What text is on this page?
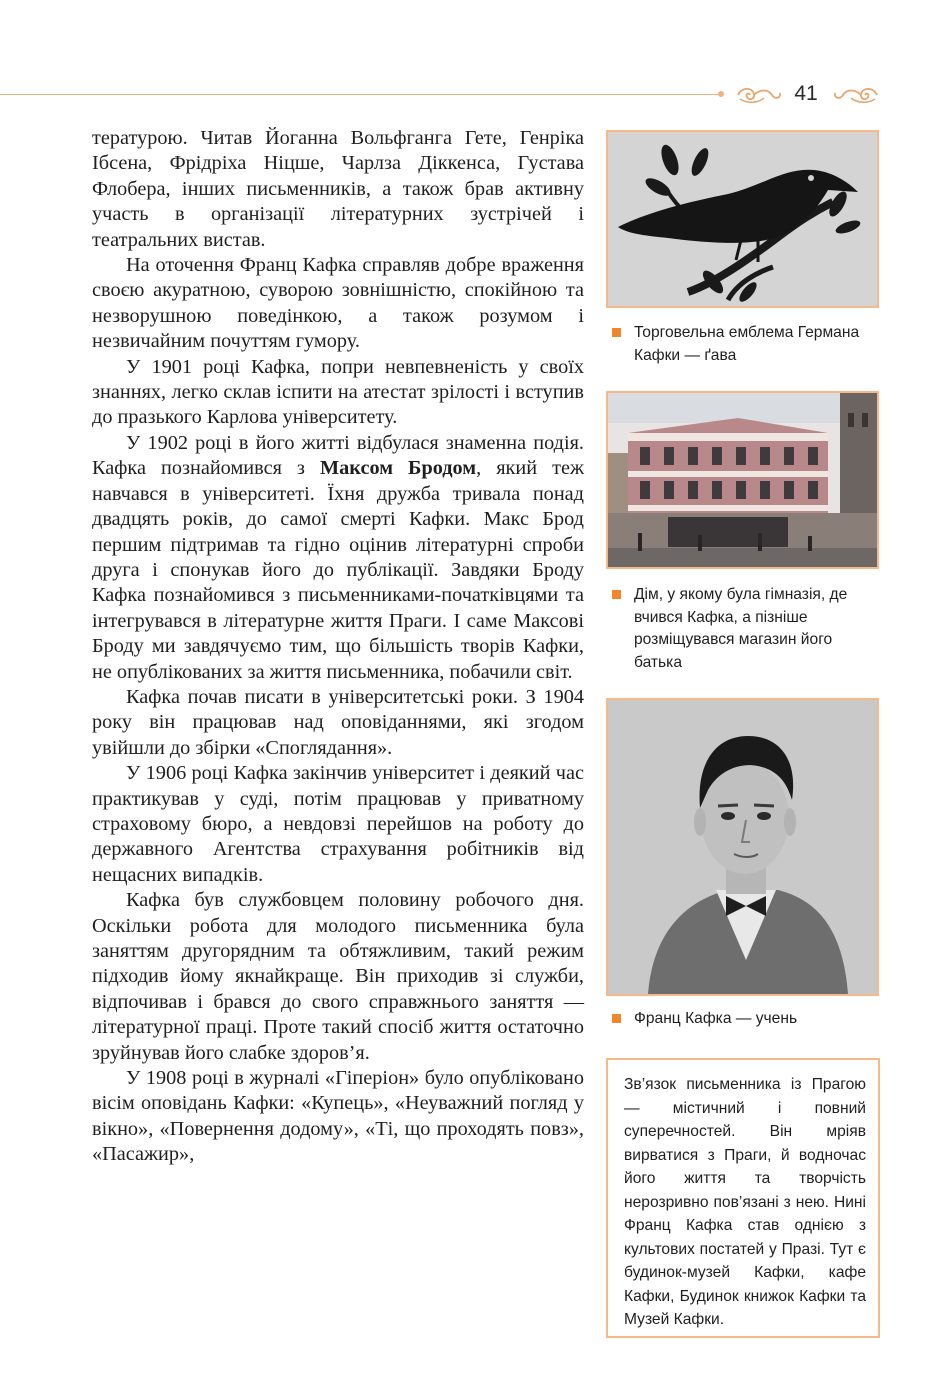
41

тературою. Читав Йоганна Вольфганга Гете, Генріка Ібсена, Фрідріха Ніцше, Чарлза Діккенса, Густава Флобера, інших письменників, а також брав активну участь в організації літературних зустрічей і театральних вистав.

На оточення Франц Кафка справляв добре враження своєю акуратною, суворою зовнішністю, спокійною та незворушною поведінкою, а також розумом і незвичайним почуттям гумору.

У 1901 році Кафка, попри невпевненість у своїх знаннях, легко склав іспити на атестат зрілості і вступив до празького Карлова університету.

У 1902 році в його житті відбулася знаменна подія. Кафка познайомився з Максом Бродом, який теж навчався в університеті. Їхня дружба тривала понад двадцять років, до самої смерті Кафки. Макс Брод першим підтримав та гідно оцінив літературні спроби друга і спонукав його до публікації. Завдяки Броду Кафка познайомився з письменниками-початківцями та інтегрувався в літературне життя Праги. І саме Максові Броду ми завдячуємо тим, що більшість творів Кафки, не опублікованих за життя письменника, побачили світ.

Кафка почав писати в університетські роки. З 1904 року він працював над оповіданнями, які згодом увійшли до збірки «Споглядання».

У 1906 році Кафка закінчив університет і деякий час практикував у суді, потім працював у приватному страховому бюро, а невдовзі перейшов на роботу до державного Агентства страхування робітників від нещасних випадків.

Кафка був службовцем половину робочого дня. Оскільки робота для молодого письменника була заняттям другорядним та обтяжливим, такий режим підходив йому якнайкраще. Він приходив зі служби, відпочивав і брався до свого справжнього заняття — літературної праці. Проте такий спосіб життя остаточно зруйнував його слабке здоров’я.

У 1908 році в журналі «Гіперіон» було опубліковано вісім оповідань Кафки: «Купець», «Неуважний погляд у вікно», «Повернення додому», «Ті, що проходять повз», «Пасажир»,

Торговельна емблема Германа Кафки — ґава
Дім, у якому була гімназія, де вчився Кафка, а пізніше розміщувався магазин його батька
Франц Кафка — учень
Зв’язок письменника із Прагою — містичний і повний суперечностей. Він мріяв вирватися з Праги, й водночас його життя та творчість нерозривно пов’язані з нею. Нині Франц Кафка став однією з культових постатей у Празі. Тут є будинок-музей Кафки, кафе Кафки, Будинок книжок Кафки та Музей Кафки.
